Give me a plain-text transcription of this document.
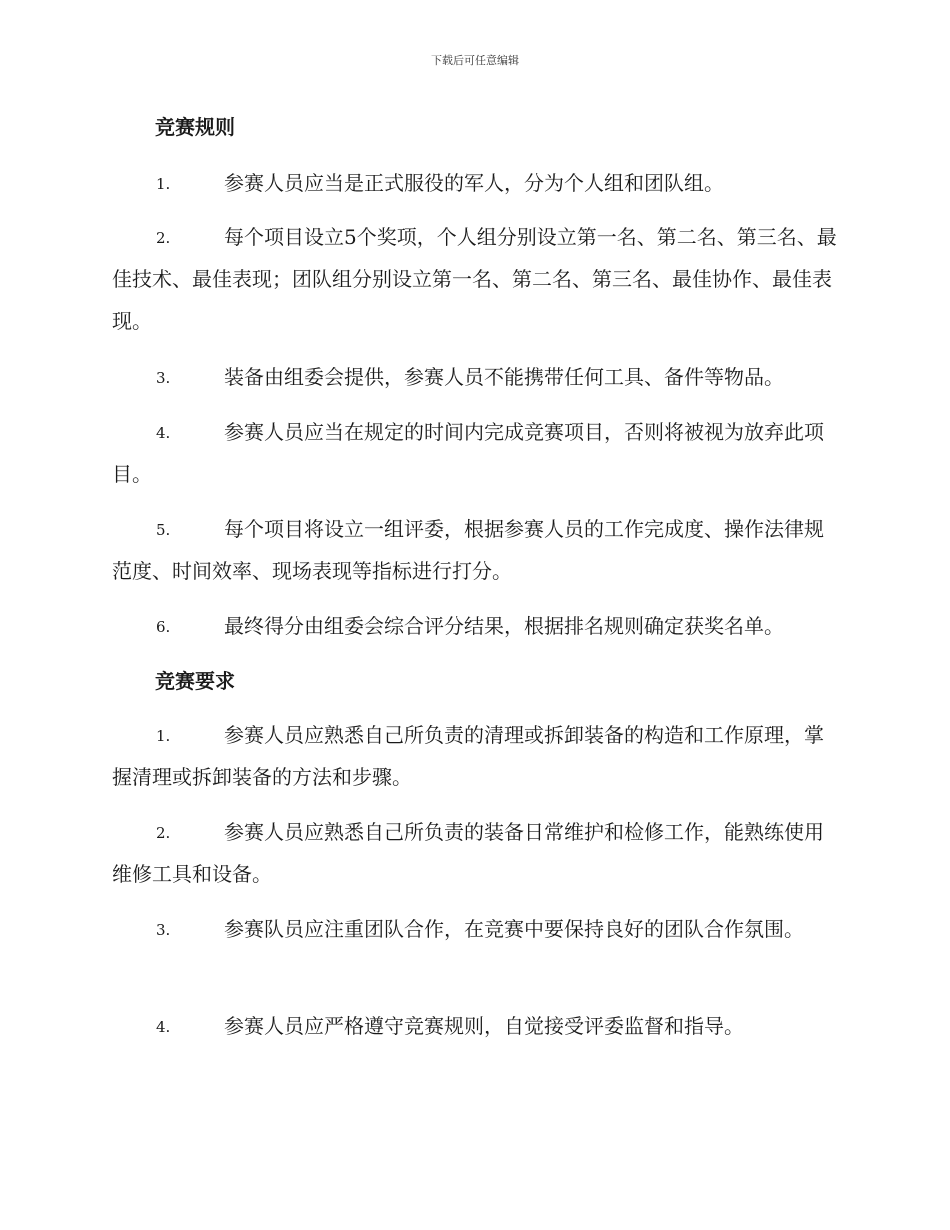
下载后可任意编辑
竞赛规则
1.	参赛人员应当是正式服役的军人，分为个人组和团队组。
2.	每个项目设立5个奖项，个人组分别设立第一名、第二名、第三名、最佳技术、最佳表现；团队组分别设立第一名、第二名、第三名、最佳协作、最佳表现。
3.	装备由组委会提供，参赛人员不能携带任何工具、备件等物品。
4.	参赛人员应当在规定的时间内完成竞赛项目，否则将被视为放弃此项目。
5.	每个项目将设立一组评委，根据参赛人员的工作完成度、操作法律规范度、时间效率、现场表现等指标进行打分。
6.	最终得分由组委会综合评分结果，根据排名规则确定获奖名单。
竞赛要求
1.	参赛人员应熟悉自己所负责的清理或拆卸装备的构造和工作原理，掌握清理或拆卸装备的方法和步骤。
2.	参赛人员应熟悉自己所负责的装备日常维护和检修工作，能熟练使用维修工具和设备。
3.	参赛队员应注重团队合作，在竞赛中要保持良好的团队合作氛围。
4.	参赛人员应严格遵守竞赛规则，自觉接受评委监督和指导。
